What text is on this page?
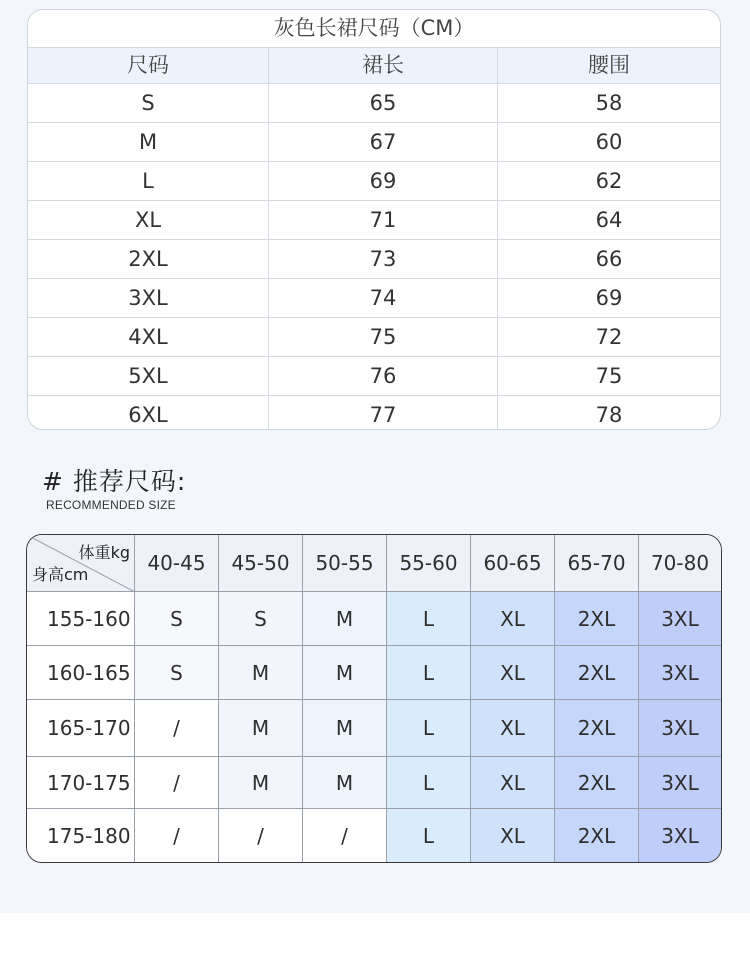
灰色长裙尺码（CM）
尺码	裙长	腰围
S	65	58
M	67	60
L	69	62
XL	71	64
2XL	73	66
3XL	74	69
4XL	75	72
5XL	76	75
6XL	77	78
# 推荐尺码:
RECOMMENDED SIZE
体重kg
身高cm	40-45	45-50	50-55	55-60	60-65	65-70	70-80
155-160	S	S	M	L	XL	2XL	3XL
160-165	S	M	M	L	XL	2XL	3XL
165-170	/	M	M	L	XL	2XL	3XL
170-175	/	M	M	L	XL	2XL	3XL
175-180	/	/	/	L	XL	2XL	3XL
